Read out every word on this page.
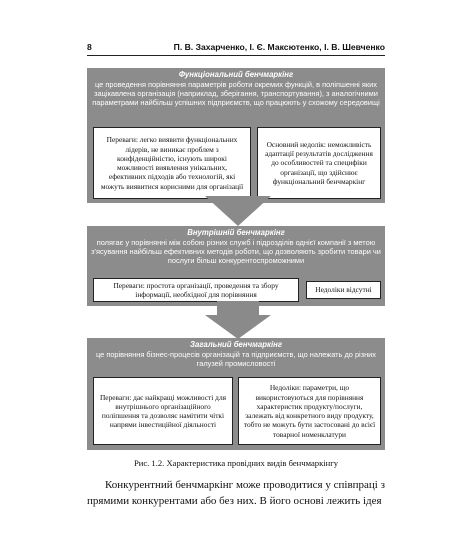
8	П. В. Захарченко, І. Є. Максютенко, І. В. Шевченко
Функціональний бенчмаркінг
це проведення порівняння параметрів роботи окремих функцій, в поліпшенні яких зацікавлена організація (наприклад, зберігання, транспортування), з аналогічними параметрами найбільш успішних підприємств, що працюють у схожому середовищі
Переваги: легко виявити функціональних лідерів, не виникає проблем з конфіденційністю, існують широкі можливості виявлення унікальних, ефективних підходів або технологій, які можуть виявитися корисними для організації
Основний недолік: неможливість адаптації результатів дослідження до особливостей та специфіки організації, що здійснює функціональний бенчмаркінг
Внутрішній бенчмаркінг
полягає у порівнянні між собою різних служб і підрозділів однієї компанії з метою з'ясування найбільш ефективних методів роботи, що дозволяють зробити товари чи послуги більш конкурентоспроможними
Переваги: простота організації, проведення та збору інформації, необхідної для порівняння
Недоліки відсутні
Загальний бенчмаркінг
це порівняння бізнес-процесів організацій та підприємств, що належать до різних галузей промисловості
Переваги: дає найкращі можливості для внутрішнього організаційного поліпшення та дозволяє намітити чіткі напрями інвестиційної діяльності
Недоліки: параметри, що використовуються для порівняння характеристик продукту/послуги, залежать від конкретного виду продукту, тобто не можуть бути застосовані до всієї товарної номенклатури
Рис. 1.2. Характеристика провідних видів бенчмаркінгу
Конкурентний бенчмаркінг може проводитися у співпраці з прямими конкурентами або без них. В його основі лежить ідея
